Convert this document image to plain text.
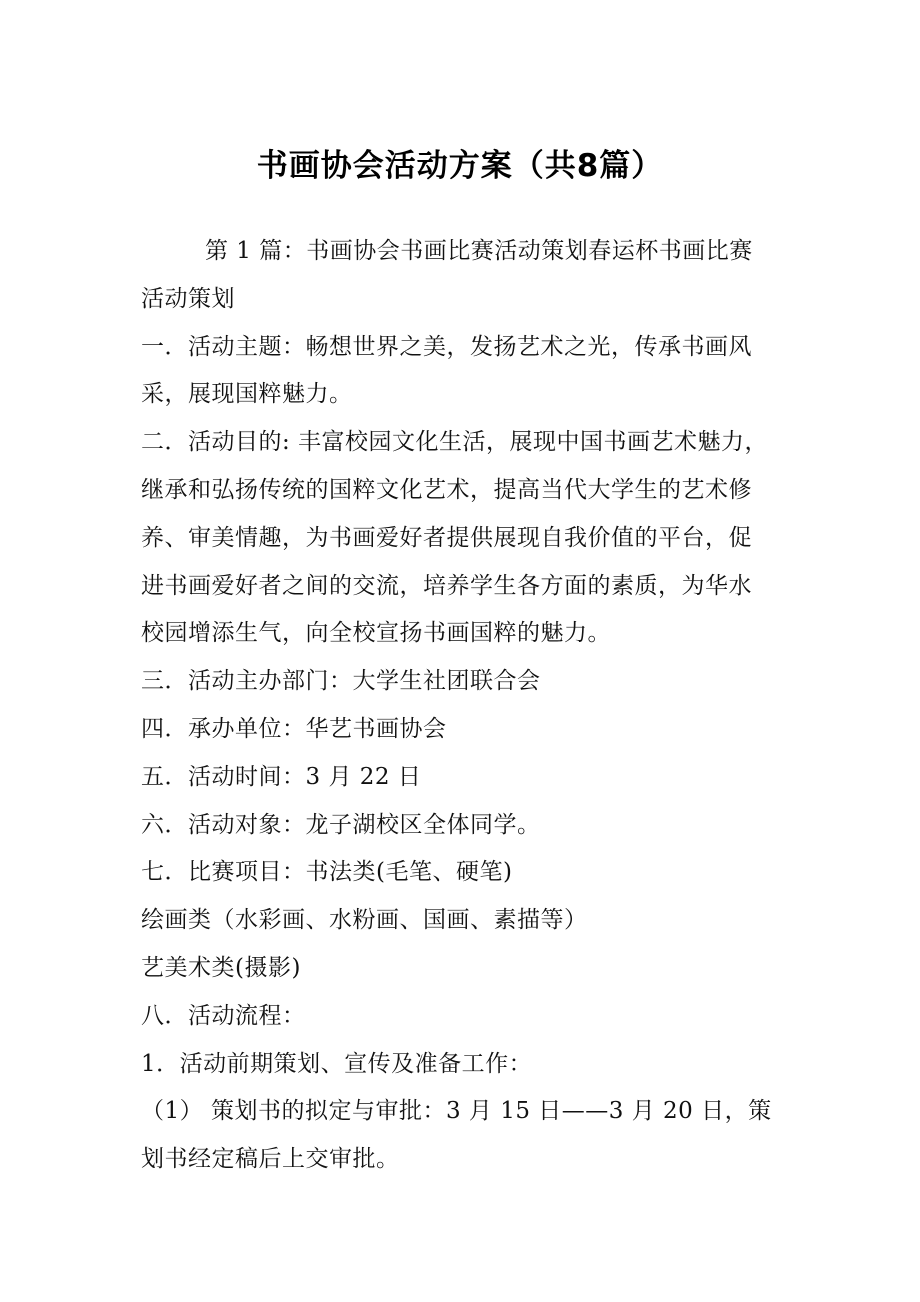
书画协会活动方案（共8篇）
第 1 篇：书画协会书画比赛活动策划春运杯书画比赛
活动策划
一．活动主题：畅想世界之美，发扬艺术之光，传承书画风
采，展现国粹魅力。
二．活动目的: 丰富校园文化生活，展现中国书画艺术魅力，
继承和弘扬传统的国粹文化艺术，提高当代大学生的艺术修
养、审美情趣，为书画爱好者提供展现自我价值的平台，促
进书画爱好者之间的交流，培养学生各方面的素质，为华水
校园增添生气，向全校宣扬书画国粹的魅力。
三．活动主办部门：大学生社团联合会
四．承办单位：华艺书画协会
五．活动时间：3 月 22 日
六．活动对象：龙子湖校区全体同学。
七．比赛项目：书法类(毛笔、硬笔)
绘画类（水彩画、水粉画、国画、素描等）
艺美术类(摄影)
八．活动流程：
1．活动前期策划、宣传及准备工作：
（1） 策划书的拟定与审批：3 月 15 日——3 月 20 日，策
划书经定稿后上交审批。
